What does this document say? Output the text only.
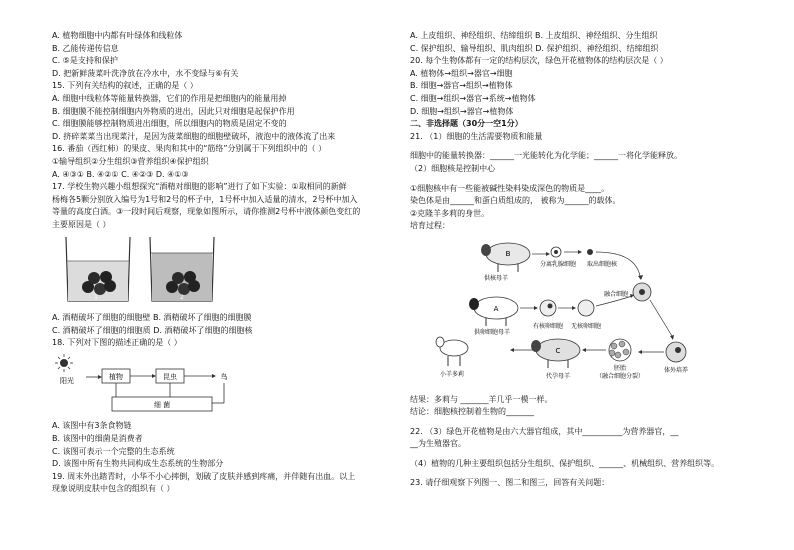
A. 植物细胞中内都有叶绿体和线粒体
B. 乙能传递传信息
C. ⑤是支持和保护
D. 把新鲜菠菜叶洗净放在冷水中，水不变绿与⑥有关
15. 下列有关结构的叙述，正确的是（ ）
A. 细胞中线粒体等能量转换器，它们的作用是把细胞内的能量用掉
B. 细胞膜不能控制细胞内外物质的进出，因此只对细胞是起保护作用
C. 细胞膜能够控制物质进出细胞，所以细胞内的物质是固定不变的
D. 挤碎菜菜当出现菜汁，是因为菠菜细胞的细胞壁破坏，液泡中的液体流了出来
16. 番茄（西红柿）的果皮、果肉和其中的“筋络”分别属于下列组织中的（ ）
①输导组织②分生组织③营养组织④保护组织
A. ④③① B. ④②① C. ④②③ D. ④①③
17. 学校生物兴趣小组想探究“酒精对细胞的影响”进行了如下实验：①取相同的新鲜
杨梅各5颗分别放入编号为1号和2号的杯子中，1号杯中加入适量的清水，2号杯中加入
等量的高度白酒。③一段时间后观察，现象如图所示，请你推测2号杯中液体颜色变红的
主要原因是（ ）
1	2
A. 酒精破坏了细胞的细胞壁 B. 酒精破坏了细胞的细胞膜
C. 酒精破坏了细胞的细胞质 D. 酒精破坏了细胞的细胞核
18. 下列对下图的描述正确的是（ ）
阳光	植物	昆虫	鸟
细 菌
A. 该图中有3条食物链
B. 该图中的细菌是消费者
C. 该图可表示一个完整的生态系统
D. 该图中所有生物共同构成生态系统的生物部分
19. 周末外出踏青时，小华不小心摔倒，划破了皮肤并感到疼痛，并伴随有出血。以上
现象说明皮肤中包含的组织有（ ）
A. 上皮组织、神经组织、结缔组织 B. 上皮组织、神经组织、分生组织
C. 保护组织、输导组织、肌肉组织 D. 保护组织、神经组织、结缔组织
20. 每个生物体都有一定的结构层次，绿色开花植物体的结构层次是（ ）
A. 植物体→组织→器官→细胞
B. 细胞→器官→组织→植物体
C. 细胞→组织→器官→系统→植物体
D. 细胞→组织→器官→植物体
二、非选择题（30分一空1分）
21. （1）细胞的生活需要物质和能量
细胞中的能量转换器：______一光能转化为化学能；______一将化学能释放。
（2）细胞核是控制中心
①细胞核中有一些能被碱性染料染成深色的物质是____。
染色体是由______和蛋白质组成的， 被称为______的载体。
②克隆羊多莉的身世。
培育过程：
B
供核母羊
分离乳腺细胞 取出细胞核
融合细胞
A
供卵细胞母羊
有核卵细胞 无核卵细胞
体外培养
胚胎
（融合细胞分裂）
C
代孕母羊
小羊多莉
结果：多莉与 _______羊几乎一模一样。
结论：细胞核控制着生物的_______
22. （3）绿色开花植物是由六大器官组成，其中__________为营养器官，__
__为生殖器官。
（4）植物的几种主要组织包括分生组织、保护组织、______、机械组织、营养组织等。
23. 请仔细观察下列图一、图二和图三，回答有关问题：
